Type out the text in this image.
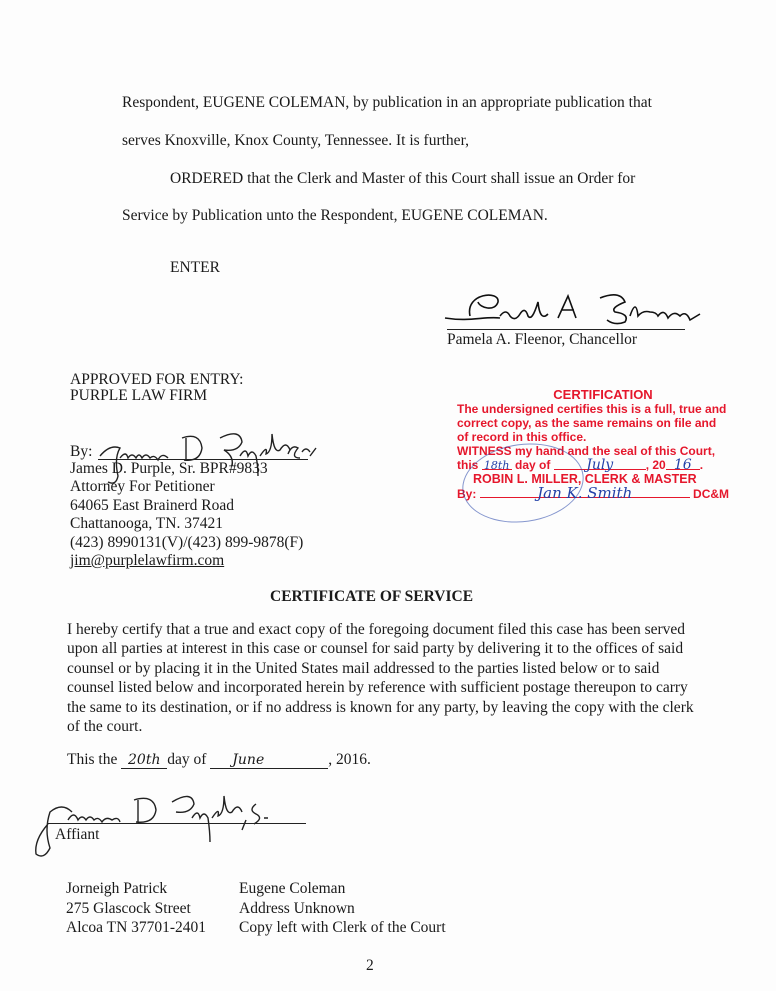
Respondent, EUGENE COLEMAN, by publication in an appropriate publication that
serves Knoxville, Knox County, Tennessee. It is further,
ORDERED that the Clerk and Master of this Court shall issue an Order for
Service by Publication unto the Respondent, EUGENE COLEMAN.
ENTER
Pamela A. Fleenor, Chancellor
APPROVED FOR ENTRY:
PURPLE LAW FIRM
By:
James D. Purple, Sr. BPR#9833
Attorney For Petitioner
64065 East Brainerd Road
Chattanooga, TN. 37421
(423) 8990131(V)/(423) 899-9878(F)
jim@purplelawfirm.com
CERTIFICATION
The undersigned certifies this is a full, true and
correct copy, as the same remains on file and
of record in this office.
WITNESS my hand and the seal of this Court,
this 18th day of	July	, 20 16 .
ROBIN L. MILLER, CLERK & MASTER
By:	Jan K. Smith	DC&M
CERTIFICATE OF SERVICE
I hereby certify that a true and exact copy of the foregoing document filed this case has been served upon all parties at interest in this case or counsel for said party by delivering it to the offices of said counsel or by placing it in the United States mail addressed to the parties listed below or to said counsel listed below and incorporated herein by reference with sufficient postage thereupon to carry the same to its destination, or if no address is known for any party, by leaving the copy with the clerk of the court.
This the 20th day of June	, 2016.
Affiant
Jorneigh Patrick
275 Glascock Street
Alcoa TN 37701-2401
Eugene Coleman
Address Unknown
Copy left with Clerk of the Court
2
